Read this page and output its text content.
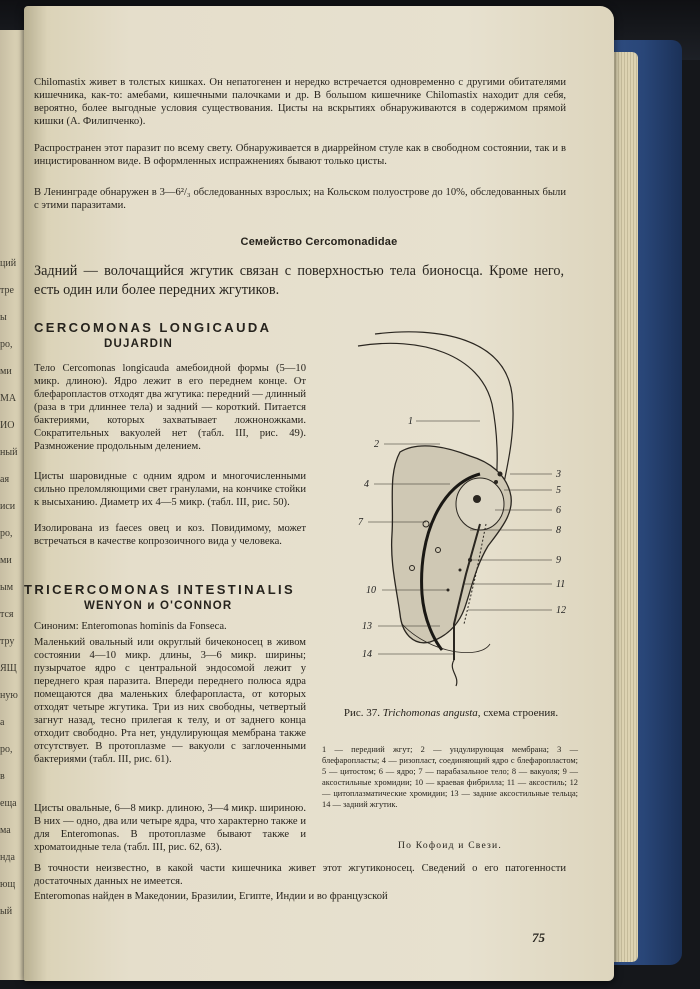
ций
тре
ы
ро,
ми
МА
ИО
ный
ая
иси
ро,
ми
ым
тся
тру
ЯЩ
ную
а
ро,
в
еща
ма
нда
ющ
ый

Chilomastix живет в толстых кишках. Он непатогенен и нередко встречается одновременно с другими обитателями кишечника, как-то: амебами, кишечными палочками и др. В большом кишечнике Chilomastix находит для себя, вероятно, более выгодные условия существования. Цисты на вскрытиях обнаруживаются в содержимом прямой кишки (А. Филипченко).

Распространен этот паразит по всему свету. Обнаруживается в диаррейном стуле как в свободном состоянии, так и в инцистированном виде. В оформленных испражнениях бывают только цисты.

В Ленинграде обнаружен в 3—6²/₃ обследованных взрослых; на Кольском полуострове до 10%, обследованных были с этими паразитами.

Семейство Cercomonadidae

Задний — волочащийся жгутик связан с поверхностью тела бионосца. Кроме него, есть один или более передних жгутиков.

CERCOMONAS LONGICAUDA
DUJARDIN

Тело Cercomonas longicauda амебоидной формы (5—10 микр. длиною). Ядро лежит в его переднем конце. От блефаропластов отходят два жгутика: передний — длинный (раза в три длиннее тела) и задний — короткий. Питается бактериями, которых захватывает ложноножками. Сократительных вакуолей нет (табл. III, рис. 49). Размножение продольным делением.

Цисты шаровидные с одним ядром и многочисленными сильно преломляющими свет гранулами, на кончике стойки к высыханию. Диаметр их 4—5 микр. (табл. III, рис. 50).

Изолирована из faeces овец и коз. Повидимому, может встречаться в качестве копрозоичного вида у человека.

TRICERCOMONAS INTESTINALIS
WENYON и O'CONNOR

Синоним: Enteromonas hominis da Fonseca.

Маленький овальный или округлый бичеконосец в живом состоянии 4—10 микр. длины, 3—6 микр. ширины; пузырчатое ядро с центральной эндосомой лежит у переднего края паразита. Впереди переднего полюса ядра помещаются два маленьких блефаропласта, от которых отходят четыре жгутика. Три из них свободны, четвертый загнут назад, тесно прилегая к телу, и от заднего конца отходит свободно. Рта нет, ундулирующая мембрана также отсутствует. В протоплазме — вакуоли с заглоченными бактериями (табл. III, рис. 61).

Цисты овальные, 6—8 микр. длиною, 3—4 микр. шириною. В них — одно, два или четыре ядра, что характерно также и для Enteromonas. В протоплазме бывают также и хроматоидные тела (табл. III, рис. 62, 63).

В точности неизвестно, в какой части кишечника живет этот жгутиконосец. Сведений о его патогенности достаточных данных не имеется.

Enteromonas найден в Македонии, Бразилии, Египте, Индии и во французской

1
2
3
4
5
6
7
8
9
10
11
12
13
14
Рис. 37. Trichomonas angusta, схема строения.

1 — передний жгут; 2 — ундулирующая мембрана; 3 — блефаропласты; 4 — ризопласт, соединяющий ядро с блефаропластом; 5 — цитостом; 6 — ядро; 7 — парабазальное тело; 8 — вакуоля; 9 — аксостильные хромидии; 10 — краевая фибрилла; 11 — аксостиль; 12 — цитоплазматические хромидии; 13 — задние аксостильные тельца; 14 — задний жгутик.

По Кофоид и Свези.
75
